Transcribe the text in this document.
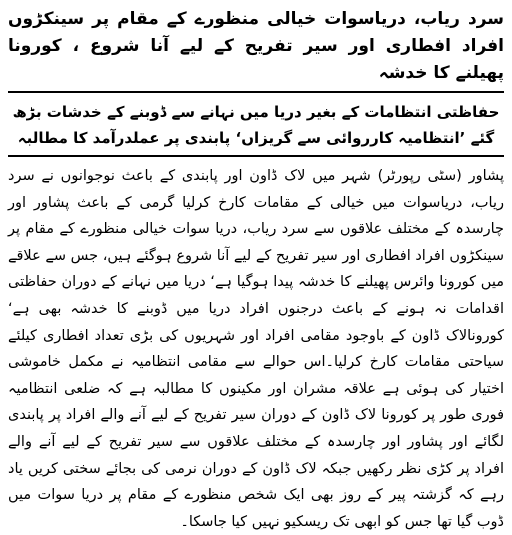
سرد ریاب، دریاسوات خیالی منظورے کے مقام پر سینکڑوں افراد افطاری اور سیر تفریح کے لیے آنا شروع ، کورونا پھیلنے کا خدشہ
حفاظتی انتظامات کے بغیر دریا میں نہانے سے ڈوبنے کے خدشات بڑھ گئے ’انتظامیہ کارروائی سے گریزاں‘ پابندی پر عملدرآمد کا مطالبہ

پشاور (سٹی رپورٹر) شہر میں لاک ڈاون اور پابندی کے باعث نوجوانوں نے سرد ریاب، دریاسوات میں خیالی کے مقامات کارخ کرلیا گرمی کے باعث پشاور اور چارسدہ کے مختلف علاقوں سے سرد ریاب، دریا سوات خیالی منظورے کے مقام پر سینکڑوں افراد افطاری اور سیر تفریح کے لیے آنا شروع ہوگئے ہیں، جس سے علاقے میں کورونا وائرس پھیلنے کا خدشہ پیدا ہوگیا ہے‘ دریا میں نہانے کے دوران حفاظتی اقدامات نہ ہونے کے باعث درجنوں افراد دریا میں ڈوبنے کا خدشہ بھی ہے‘ کورونالاک ڈاون کے باوجود مقامی افراد اور شہریوں کی بڑی تعداد افطاری کیلئے سیاحتی مقامات کارخ کرلیا۔اس حوالے سے مقامی انتظامیہ نے مکمل خاموشی اختیار کی ہوئی ہے علاقہ مشران اور مکینوں کا مطالبہ ہے کہ ضلعی انتظامیہ فوری طور پر کورونا لاک ڈاون کے دوران سیر تفریح کے لیے آنے والے افراد پر پابندی لگائے اور پشاور اور چارسدہ کے مختلف علاقوں سے سیر تفریح کے لیے آنے والے افراد پر کڑی نظر رکھیں جبکہ لاک ڈاون کے دوران نرمی کی بجائے سختی کریں یاد رہے کہ گزشتہ پیر کے روز بھی ایک شخص منظورے کے مقام پر دریا سوات میں ڈوب گیا تھا جس کو ابھی تک ریسکیو نہیں کیا جاسکا۔
